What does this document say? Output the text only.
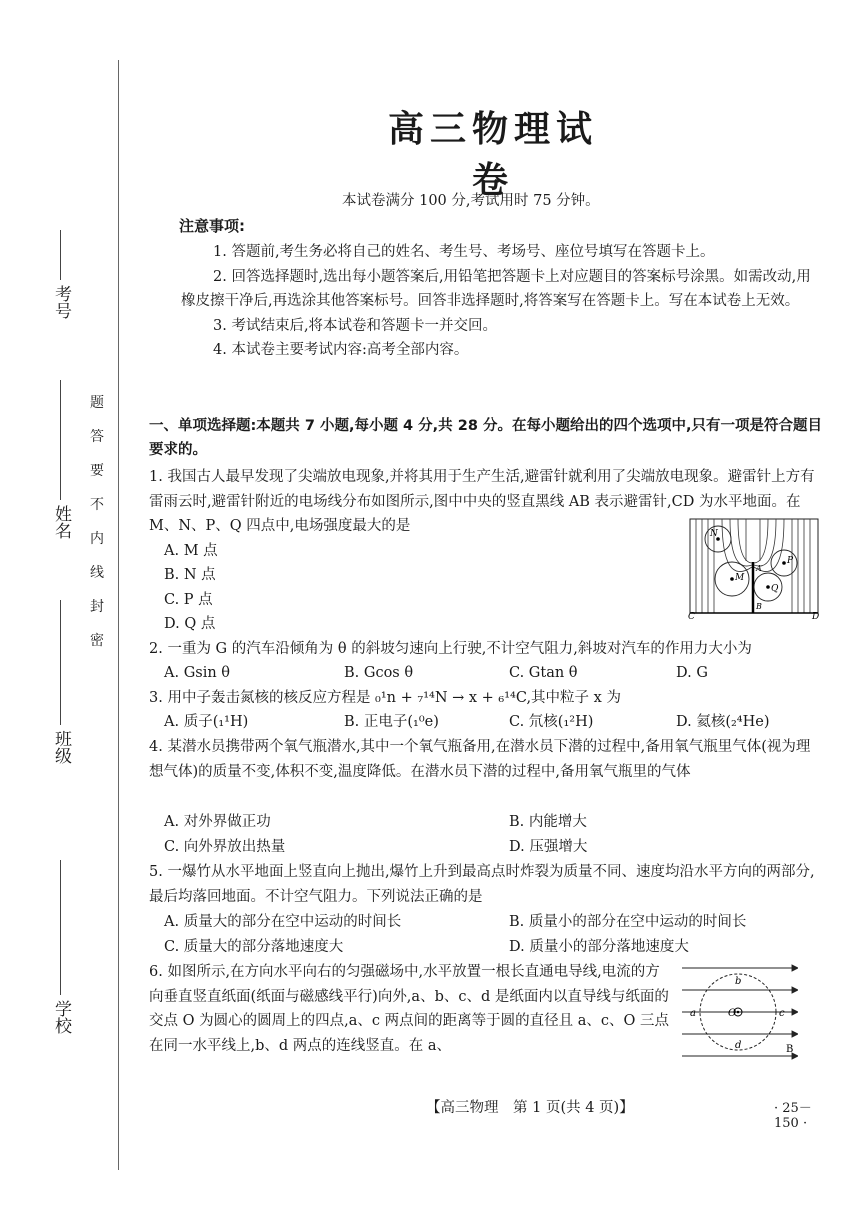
考号
姓名
班级
学校
题
答
要
不
内
线
封
密
高三物理试卷
本试卷满分 100 分,考试用时 75 分钟。
注意事项:

1. 答题前,考生务必将自己的姓名、考生号、考场号、座位号填写在答题卡上。

2. 回答选择题时,选出每小题答案后,用铅笔把答题卡上对应题目的答案标号涂黑。如需改动,用橡皮擦干净后,再选涂其他答案标号。回答非选择题时,将答案写在答题卡上。写在本试卷上无效。

3. 考试结束后,将本试卷和答题卡一并交回。

4. 本试卷主要考试内容:高考全部内容。

一、单项选择题:本题共 7 小题,每小题 4 分,共 28 分。在每小题给出的四个选项中,只有一项是符合题目要求的。
1. 我国古人最早发现了尖端放电现象,并将其用于生产生活,避雷针就利用了尖端放电现象。避雷针上方有雷雨云时,避雷针附近的电场线分布如图所示,图中中央的竖直黑线 AB 表示避雷针,CD 为水平地面。在 M、N、P、Q 四点中,电场强度最大的是
A. M 点
B. N 点
C. P 点
D. Q 点
2. 一重为 G 的汽车沿倾角为 θ 的斜坡匀速向上行驶,不计空气阻力,斜坡对汽车的作用力大小为
A. Gsin θ	B. Gcos θ	C. Gtan θ	D. G
3. 用中子轰击氮核的核反应方程是 ₀¹n + ₇¹⁴N → x + ₆¹⁴C,其中粒子 x 为
A. 质子(₁¹H)	B. 正电子(₁⁰e)	C. 氘核(₁²H)	D. 氦核(₂⁴He)
4. 某潜水员携带两个氧气瓶潜水,其中一个氧气瓶备用,在潜水员下潜的过程中,备用氧气瓶里气体(视为理想气体)的质量不变,体积不变,温度降低。在潜水员下潜的过程中,备用氧气瓶里的气体
A. 对外界做正功	B. 内能增大
C. 向外界放出热量	D. 压强增大
5. 一爆竹从水平地面上竖直向上抛出,爆竹上升到最高点时炸裂为质量不同、速度均沿水平方向的两部分,最后均落回地面。不计空气阻力。下列说法正确的是
A. 质量大的部分在空中运动的时间长	B. 质量小的部分在空中运动的时间长
C. 质量大的部分落地速度大	D. 质量小的部分落地速度大
6. 如图所示,在方向水平向右的匀强磁场中,水平放置一根长直通电导线,电流的方向垂直竖直纸面(纸面与磁感线平行)向外,a、b、c、d 是纸面内以直导线与纸面的交点 O 为圆心的圆周上的四点,a、c 两点间的距离等于圆的直径且 a、c、O 三点在同一水平线上,b、d 两点的连线竖直。在 a、
【高三物理　第 1 页(共 4 页)】	· 25－150 ·
N
M
P
Q
A
B
C	D
O
a	c
b
d	B
